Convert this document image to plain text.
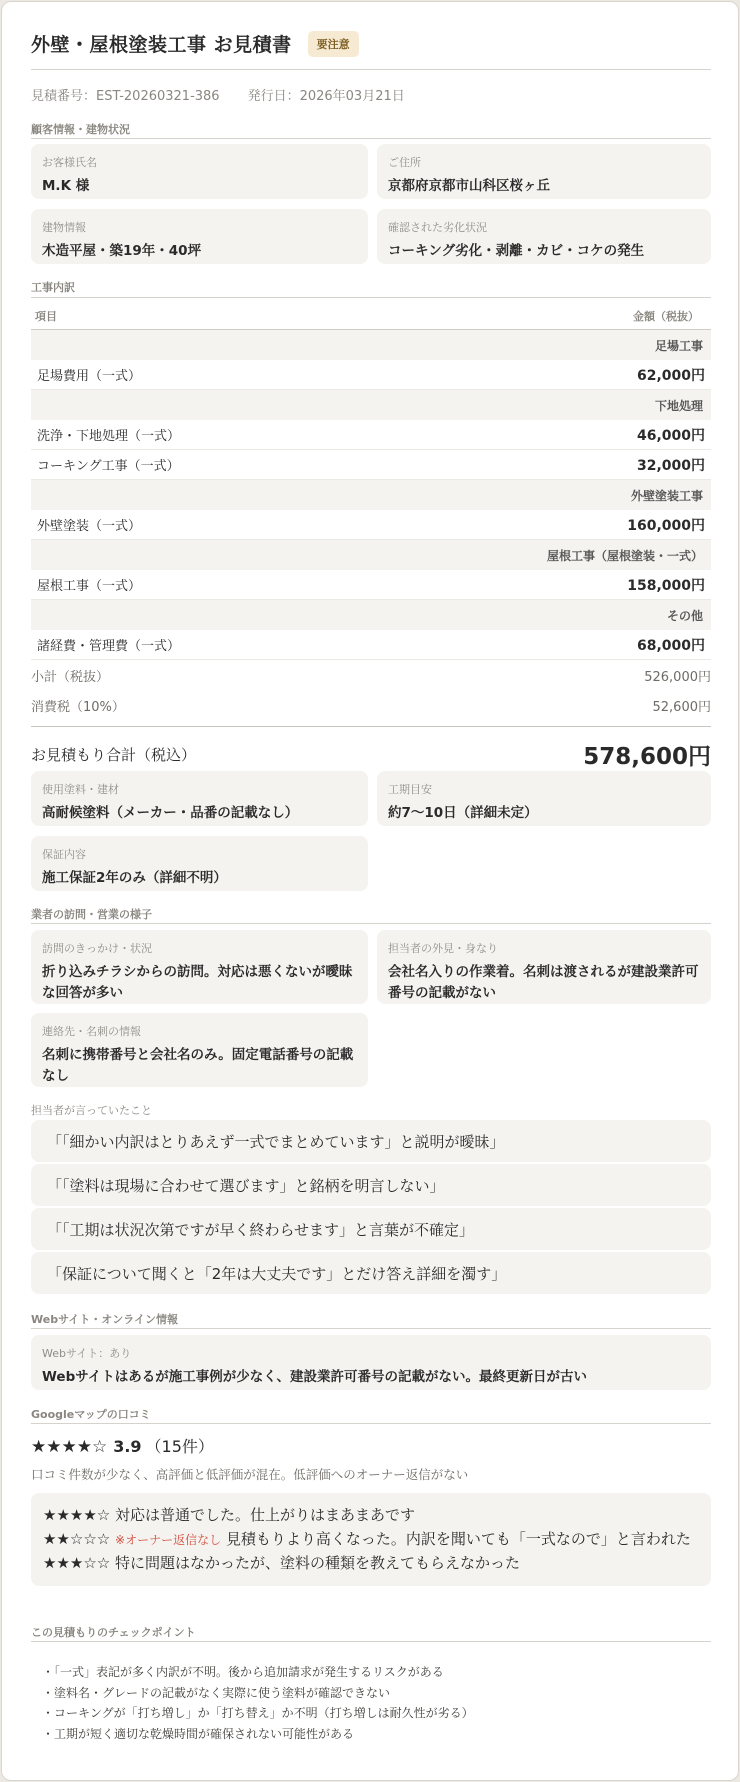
外壁・屋根塗装工事 お見積書	要注意
見積番号：EST-20260321-386 発行日：2026年03月21日
顧客情報・建物状況
お客様氏名
M.K 様
ご住所
京都府京都市山科区桜ヶ丘
建物情報
木造平屋・築19年・40坪
確認された劣化状況
コーキング劣化・剥離・カビ・コケの発生
工事内訳
項目	金額（税抜）
足場工事
足場費用（一式）	62,000円
下地処理
洗浄・下地処理（一式）	46,000円
コーキング工事（一式）	32,000円
外壁塗装工事
外壁塗装（一式）	160,000円
屋根工事（屋根塗装・一式）
屋根工事（一式）	158,000円
その他
諸経費・管理費（一式）	68,000円
小計（税抜）	526,000円
消費税（10%）	52,600円
お見積もり合計（税込）	578,600円
使用塗料・建材
高耐候塗料（メーカー・品番の記載なし）
工期目安
約7〜10日（詳細未定）
保証内容
施工保証2年のみ（詳細不明）
業者の訪問・営業の様子
訪問のきっかけ・状況
折り込みチラシからの訪問。対応は悪くないが曖昧な回答が多い
担当者の外見・身なり
会社名入りの作業着。名刺は渡されるが建設業許可番号の記載がない
連絡先・名刺の情報
名刺に携帯番号と会社名のみ。固定電話番号の記載なし
担当者が言っていたこと
「「細かい内訳はとりあえず一式でまとめています」と説明が曖昧」
「「塗料は現場に合わせて選びます」と銘柄を明言しない」
「「工期は状況次第ですが早く終わらせます」と言葉が不確定」
「保証について聞くと「2年は大丈夫です」とだけ答え詳細を濁す」
Webサイト・オンライン情報
Webサイト：あり
Webサイトはあるが施工事例が少なく、建設業許可番号の記載がない。最終更新日が古い
Googleマップの口コミ
★★★★☆ 3.9 （15件）
口コミ件数が少なく、高評価と低評価が混在。低評価へのオーナー返信がない
★★★★☆ 対応は普通でした。仕上がりはまあまあです
★★☆☆☆ ※オーナー返信なし 見積もりより高くなった。内訳を聞いても「一式なので」と言われた
★★★☆☆ 特に問題はなかったが、塗料の種類を教えてもらえなかった
この見積もりのチェックポイント
・「一式」表記が多く内訳が不明。後から追加請求が発生するリスクがある
・塗料名・グレードの記載がなく実際に使う塗料が確認できない
・コーキングが「打ち増し」か「打ち替え」か不明（打ち増しは耐久性が劣る）
・工期が短く適切な乾燥時間が確保されない可能性がある
